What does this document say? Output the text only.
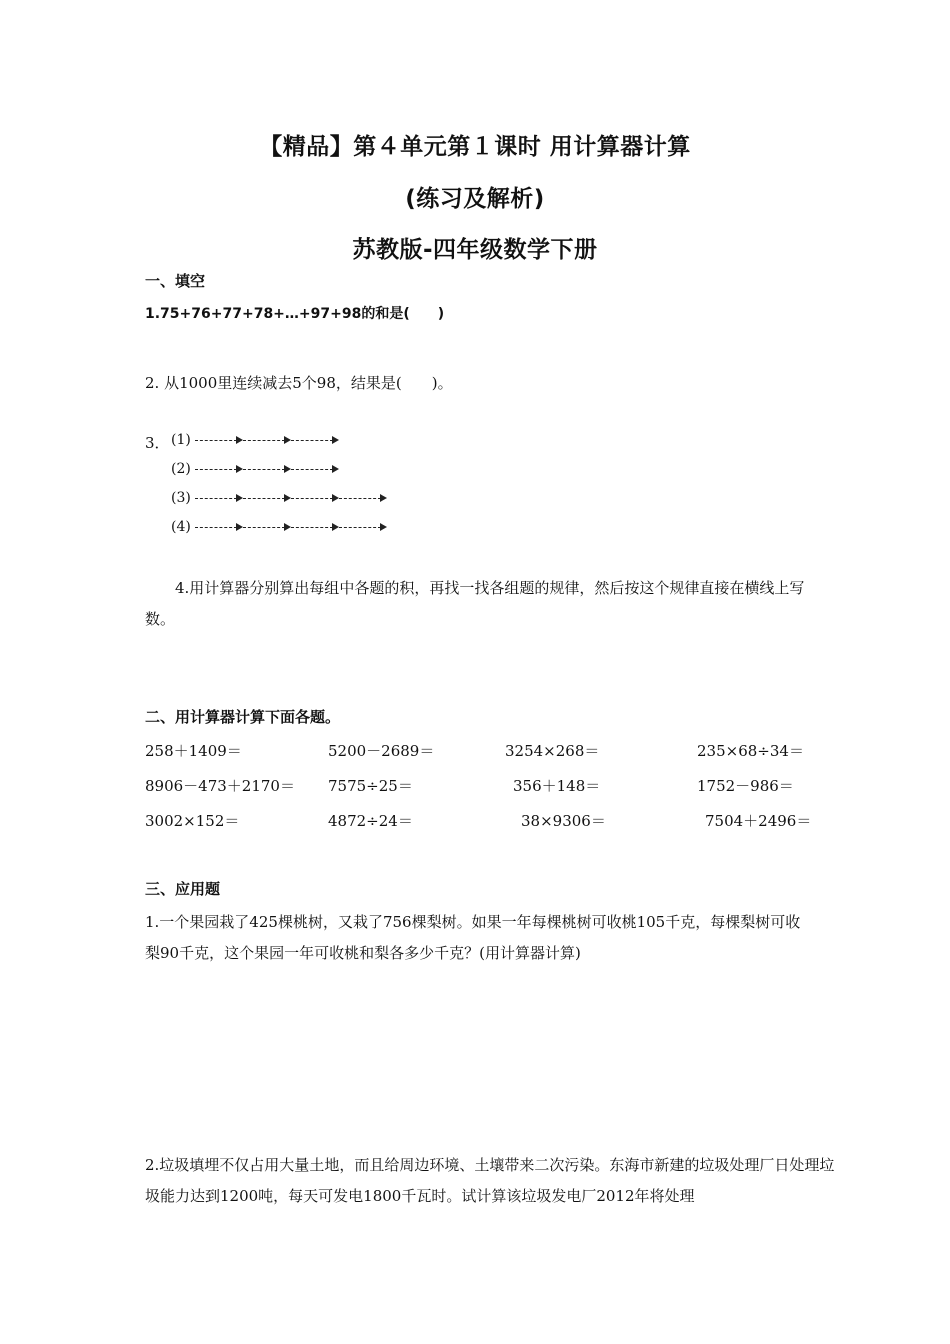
【精品】第４单元第１课时 用计算器计算
(练习及解析)
苏教版-四年级数学下册
一、填空
1.75+76+77+78+…+97+98的和是(　　)
2. 从1000里连续减去5个98，结果是(　　)。
3． (1)
(2)
(3)
(4)
4.用计算器分别算出每组中各题的积，再找一找各组题的规律，然后按这个规律直接在横线上写数。
二、用计算器计算下面各题。
258＋1409＝	5200－2689＝	3254×268＝	235×68÷34＝
8906－473＋2170＝ 7575÷25＝	356＋148＝	1752－986＝
3002×152＝	4872÷24＝	38×9306＝	7504＋2496＝
三、应用题
1.一个果园栽了425棵桃树，又栽了756棵梨树。如果一年每棵桃树可收桃105千克，每棵梨树可收梨90千克，这个果园一年可收桃和梨各多少千克？(用计算器计算)
2.垃圾填埋不仅占用大量土地，而且给周边环境、土壤带来二次污染。东海市新建的垃圾处理厂日处理垃圾能力达到1200吨，每天可发电1800千瓦时。试计算该垃圾发电厂2012年将处理
